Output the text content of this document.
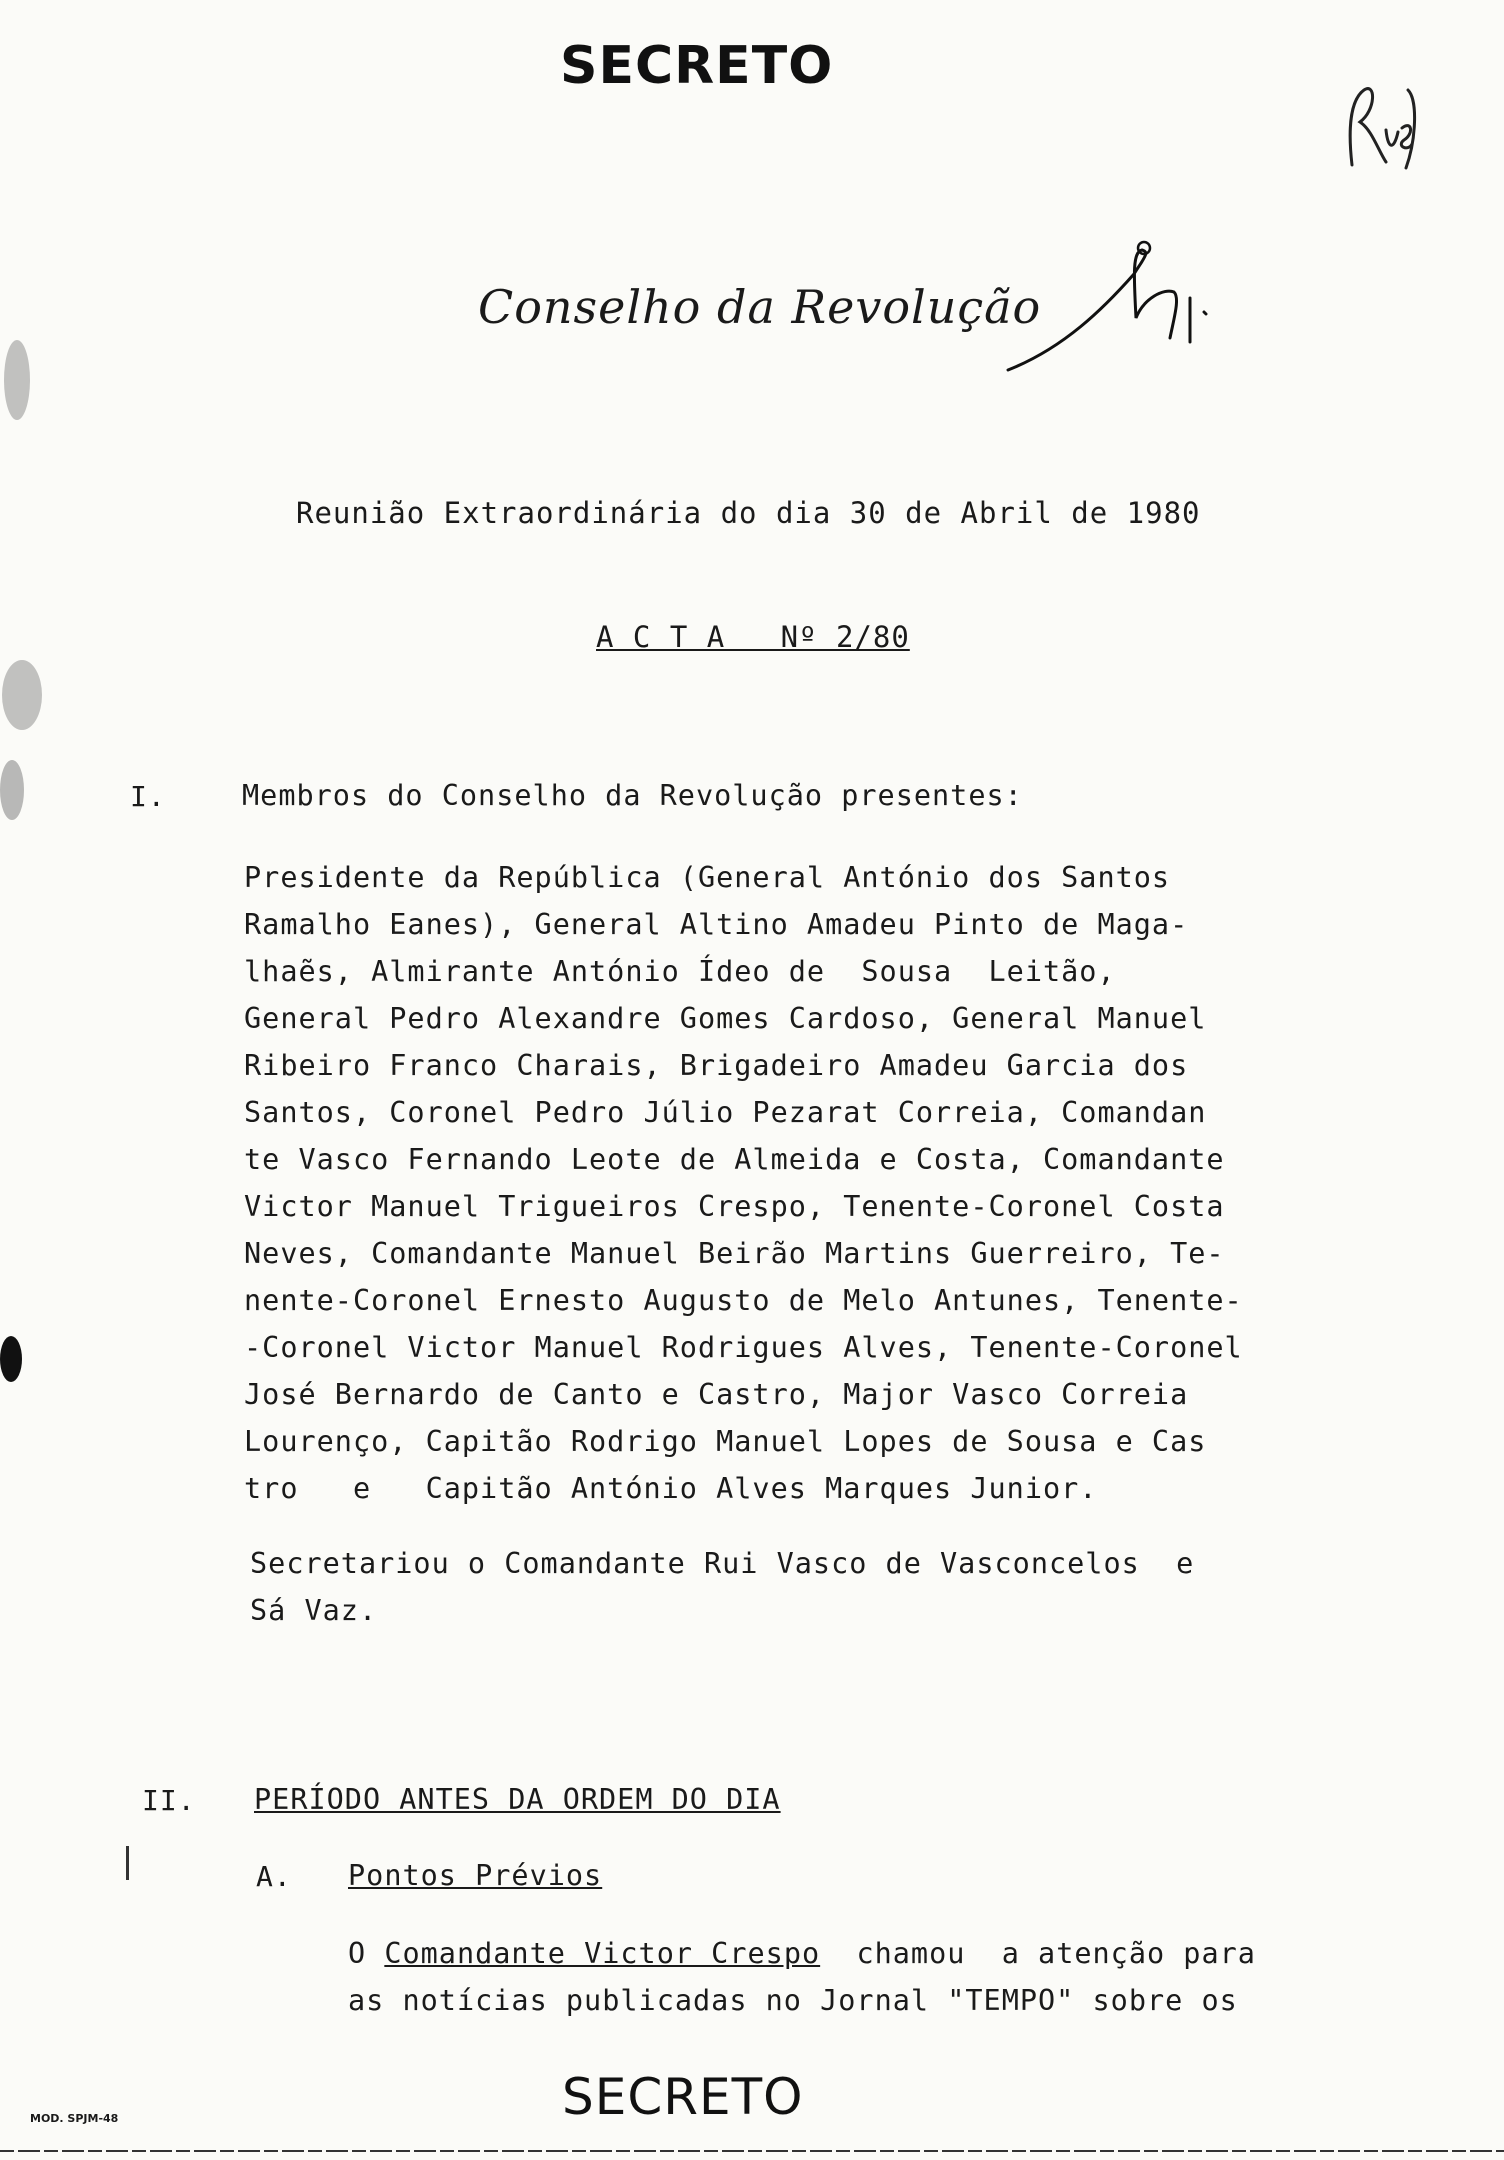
SECRETO
Conselho da Revolução
Reunião Extraordinária do dia 30 de Abril de 1980
A C T A   Nº 2/80
I.	Membros do Conselho da Revolução presentes:
Presidente da República (General António dos Santos
Ramalho Eanes), General Altino Amadeu Pinto de Maga-
lhaẽs, Almirante António Ídeo de  Sousa  Leitão,
General Pedro Alexandre Gomes Cardoso, General Manuel
Ribeiro Franco Charais, Brigadeiro Amadeu Garcia dos
Santos, Coronel Pedro Júlio Pezarat Correia, Comandan
te Vasco Fernando Leote de Almeida e Costa, Comandante
Victor Manuel Trigueiros Crespo, Tenente-Coronel Costa
Neves, Comandante Manuel Beirão Martins Guerreiro, Te-
nente-Coronel Ernesto Augusto de Melo Antunes, Tenente-
-Coronel Victor Manuel Rodrigues Alves, Tenente-Coronel
José Bernardo de Canto e Castro, Major Vasco Correia
Lourenço, Capitão Rodrigo Manuel Lopes de Sousa e Cas
tro   e   Capitão António Alves Marques Junior.
Secretariou o Comandante Rui Vasco de Vasconcelos  e
Sá Vaz.
II. PERÍODO ANTES DA ORDEM DO DIA
A. Pontos Prévios
O Comandante Victor Crespo  chamou  a atenção para
as notícias publicadas no Jornal "TEMPO" sobre os
SECRETO
MOD. SPJM-48
